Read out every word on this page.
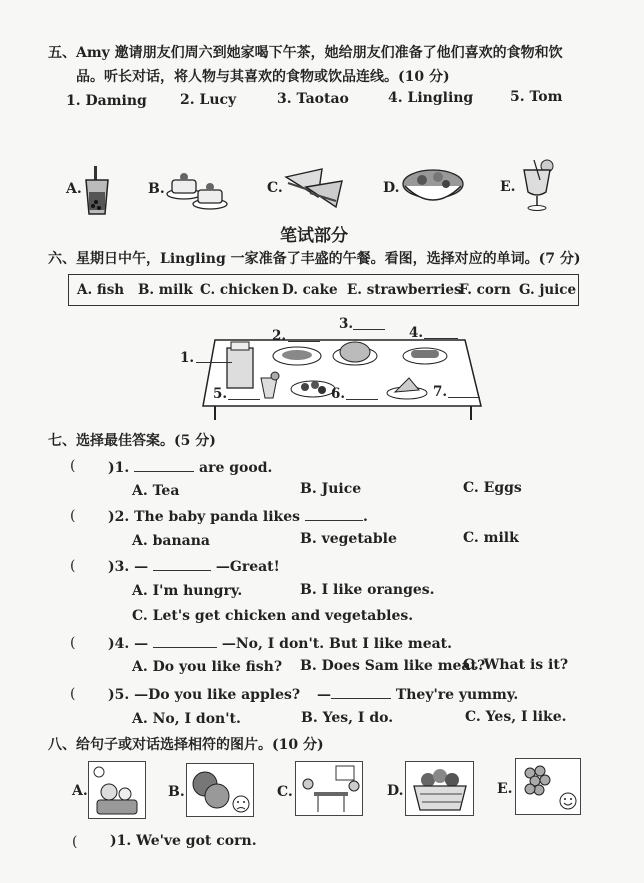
五、Amy 邀请朋友们周六到她家喝下午茶，她给朋友们准备了他们喜欢的食物和饮
品。听长对话，将人物与其喜欢的食物或饮品连线。(10 分)
1. Daming 2. Lucy	3. Taotao	4. Lingling	5. Tom
A.	B.	C.	D.	E.
笔试部分
六、星期日中午，Lingling 一家准备了丰盛的午餐。看图，选择对应的单词。(7 分)
A. fish B. milk C. chicken D. cake E. strawberries
F. corn G. juice
1.
2.
3.
4.
5.	6.	7.
七、选择最佳答案。(5 分)
( )1.	are good.
A. Tea	B. Juice	C. Eggs
( )2. The baby panda likes	.
A. banana	B. vegetable	C. milk
( )3. —	—Great!
A. I'm hungry.	B. I like oranges.
C. Let's get chicken and vegetables.
( )4. —	—No, I don't. But I like meat.
A. Do you like fish? B. Does Sam like meat?
C. What is it?
( )5. —Do you like apples? —	They're yummy.
A. No, I don't.	B. Yes, I do.	C. Yes, I like.
八、给句子或对话选择相符的图片。(10 分)
A.	B.	C.	D.	E.
( )1. We've got corn.
